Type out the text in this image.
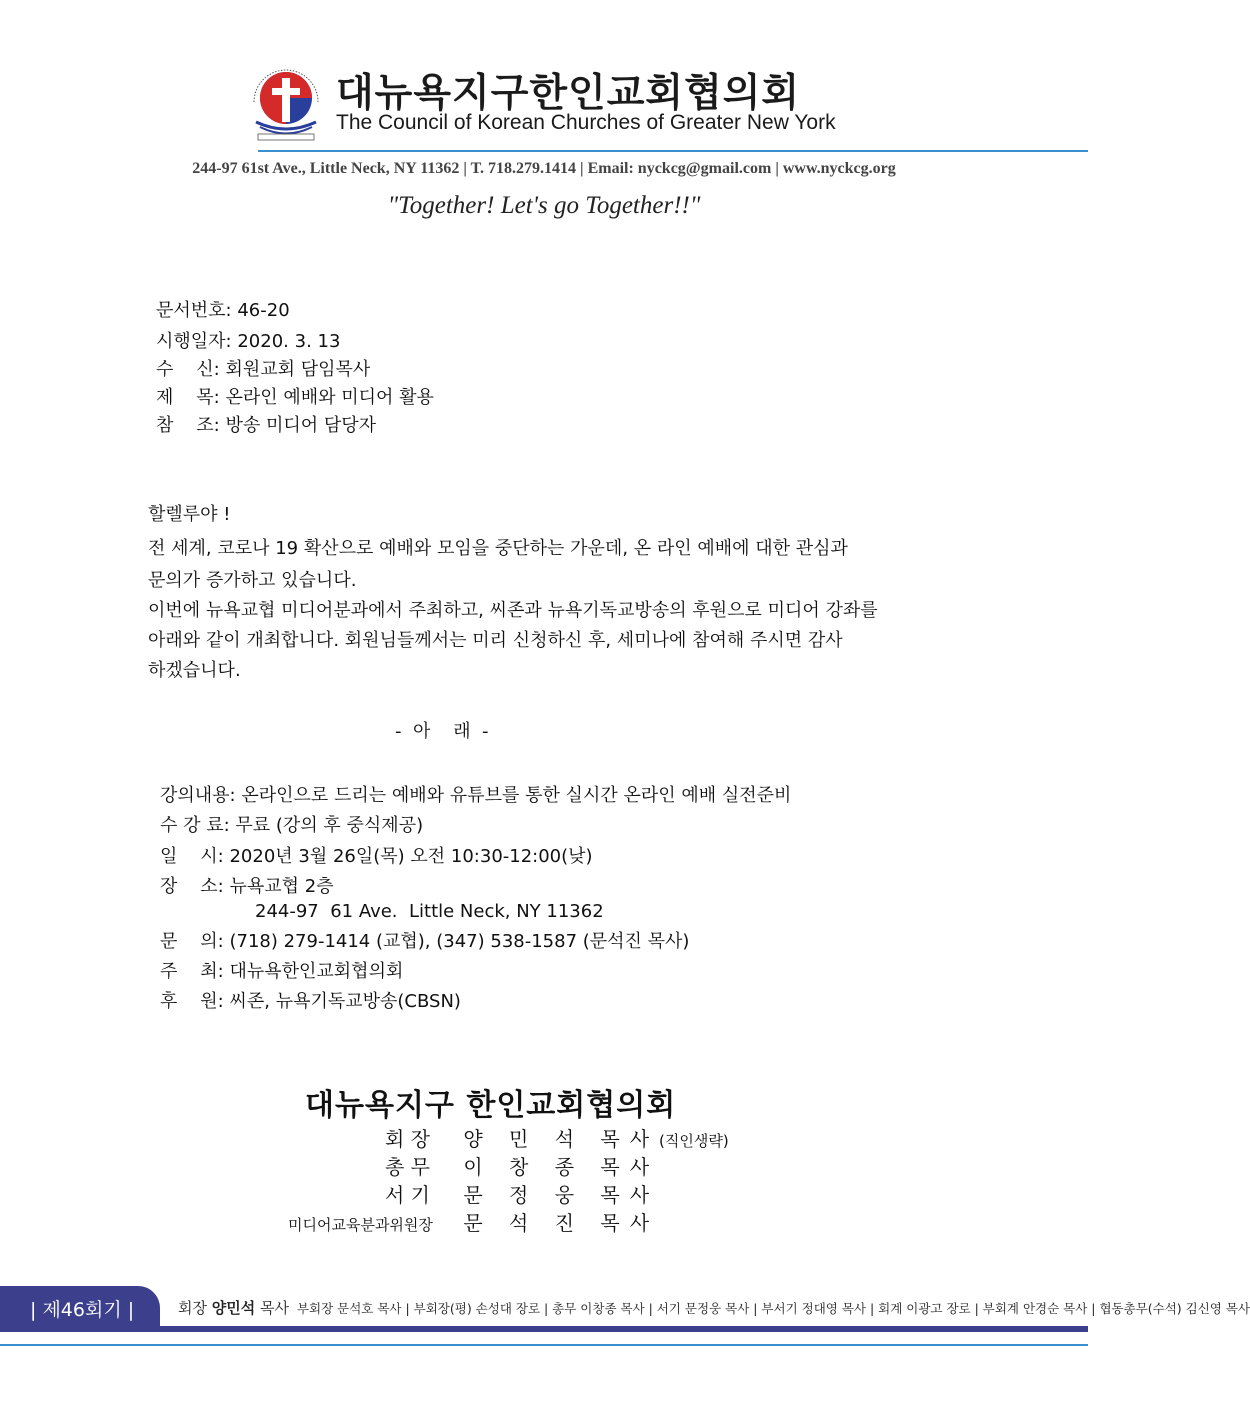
대뉴욕지구한인교회협의회
The Council of Korean Churches of Greater New York
244-97 61st Ave., Little Neck, NY 11362 | T. 718.279.1414 | Email: nyckcg@gmail.com | www.nyckcg.org
"Together! Let's go Together!!"
문서번호: 46-20
시행일자: 2020. 3. 13
수    신: 회원교회 담임목사
제    목: 온라인 예배와 미디어 활용
참    조: 방송 미디어 담당자
할렐루야 !
전 세계, 코로나 19 확산으로 예배와 모임을 중단하는 가운데, 온 라인 예배에 대한 관심과
문의가 증가하고 있습니다.
이번에 뉴욕교협 미디어분과에서 주최하고, 씨존과 뉴욕기독교방송의 후원으로 미디어 강좌를
아래와 같이 개최합니다. 회원님들께서는 미리 신청하신 후, 세미나에 참여해 주시면 감사
하겠습니다.
-  아    래  -
강의내용: 온라인으로 드리는 예배와 유튜브를 통한 실시간 온라인 예배 실전준비
수 강 료: 무료 (강의 후 중식제공)
일    시: 2020년 3월 26일(목) 오전 10:30-12:00(낮)
장    소: 뉴욕교협 2층
244-97  61 Ave.  Little Neck, NY 11362
문    의: (718) 279-1414 (교협), (347) 538-1587 (문석진 목사)
주    최: 대뉴욕한인교회협의회
후    원: 씨존, 뉴욕기독교방송(CBSN)
대뉴욕지구 한인교회협의회
회 장 양 민 석 목사(직인생략)
총 무 이 창 종 목사
서 기 문 정 웅 목사
미디어교육분과위원장 문 석 진 목사
| 제46회기 |	회장 양민석 목사 부회장 문석호 목사 | 부회장(평) 손성대 장로 | 총무 이창종 목사 | 서기 문정웅 목사 | 부서기 정대영 목사 | 회계 이광고 장로 | 부회계 안경순 목사 | 협동총무(수석) 김신영 목사
